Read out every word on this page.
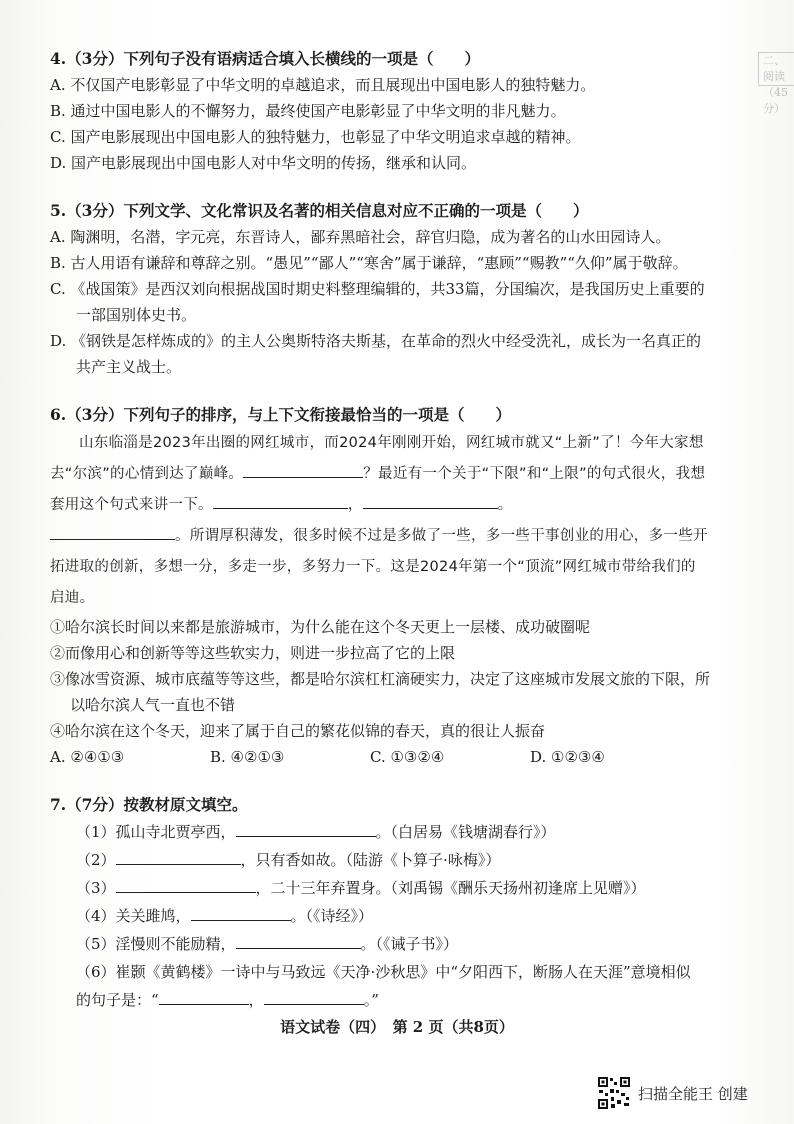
二、阅读（45分）
4.（3分）下列句子没有语病适合填入长横线的一项是（　　）
A. 不仅国产电影彰显了中华文明的卓越追求，而且展现出中国电影人的独特魅力。
B. 通过中国电影人的不懈努力，最终使国产电影彰显了中华文明的非凡魅力。
C. 国产电影展现出中国电影人的独特魅力，也彰显了中华文明追求卓越的精神。
D. 国产电影展现出中国电影人对中华文明的传扬，继承和认同。
5.（3分）下列文学、文化常识及名著的相关信息对应不正确的一项是（　　）
A. 陶渊明，名潜，字元亮，东晋诗人，鄙弃黑暗社会，辞官归隐，成为著名的山水田园诗人。
B. 古人用语有谦辞和尊辞之别。“愚见”“鄙人”“寒舍”属于谦辞，“惠顾”“赐教”“久仰”属于敬辞。
C. 《战国策》是西汉刘向根据战国时期史料整理编辑的，共33篇，分国编次，是我国历史上重要的一部国别体史书。
D. 《钢铁是怎样炼成的》的主人公奥斯特洛夫斯基，在革命的烈火中经受洗礼，成长为一名真正的共产主义战士。
6.（3分）下列句子的排序，与上下文衔接最恰当的一项是（　　）
山东临淄是2023年出圈的网红城市，而2024年刚刚开始，网红城市就又“上新”了！今年大家想去“尔滨”的心情到达了巅峰。	？最近有一个关于“下限”和“上限”的句式很火，我想套用这个句式来讲一下。	，	。
。所谓厚积薄发，很多时候不过是多做了一些，多一些干事创业的用心，多一些开拓进取的创新，多想一分，多走一步，多努力一下。这是2024年第一个“顶流”网红城市带给我们的启迪。
①哈尔滨长时间以来都是旅游城市，为什么能在这个冬天更上一层楼、成功破圈呢
②而像用心和创新等等这些软实力，则进一步拉高了它的上限
③像冰雪资源、城市底蕴等等这些，都是哈尔滨杠杠滴硬实力，决定了这座城市发展文旅的下限，所以哈尔滨人气一直也不错
④哈尔滨在这个冬天，迎来了属于自己的繁花似锦的春天，真的很让人振奋
A. ②④①③	B. ④②①③	C. ①③②④	D. ①②③④
7.（7分）按教材原文填空。
（1）孤山寺北贾亭西，	。（白居易《钱塘湖春行》）
（2）	，只有香如故。（陆游《卜算子·咏梅》）
（3）	，二十三年弃置身。（刘禹锡《酬乐天扬州初逢席上见赠》）
（4）关关雎鸠，	。（《诗经》）
（5）淫慢则不能励精，	。（《诫子书》）
（6）崔颢《黄鹤楼》一诗中与马致远《天净·沙秋思》中“夕阳西下，断肠人在天涯”意境相似
的句子是：“	，	。”
语文试卷（四）　第 2 页（共8页）
扫描全能王 创建
